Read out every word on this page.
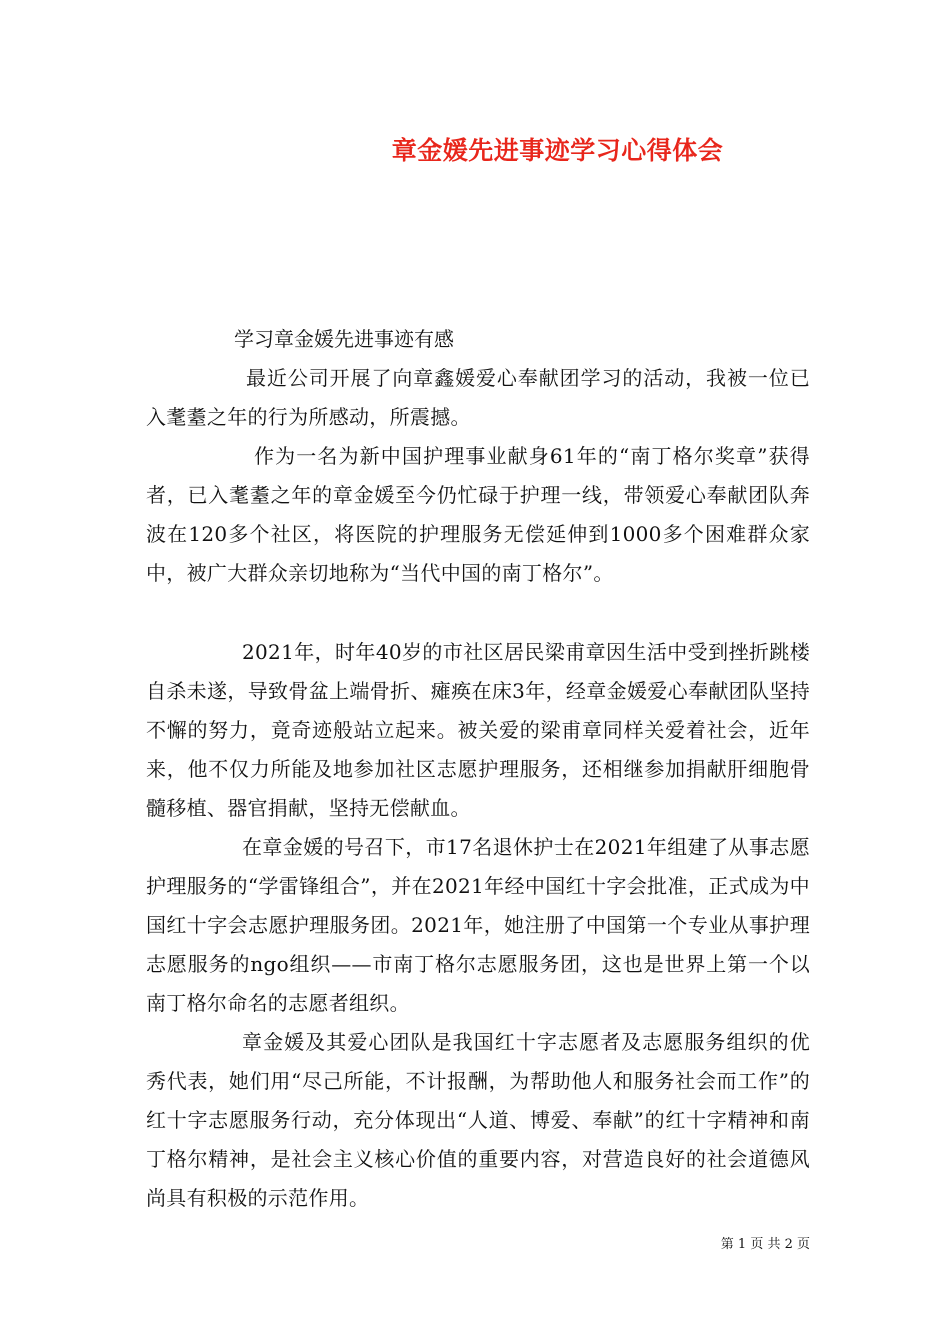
章金媛先进事迹学习心得体会
学习章金媛先进事迹有感

最近公司开展了向章鑫媛爱心奉献团学习的活动，我被一位已入耄耋之年的行为所感动，所震撼。

作为一名为新中国护理事业献身61年的“南丁格尔奖章”获得者，已入耄耋之年的章金媛至今仍忙碌于护理一线，带领爱心奉献团队奔波在120多个社区，将医院的护理服务无偿延伸到1000多个困难群众家中，被广大群众亲切地称为“当代中国的南丁格尔”。

2021年，时年40岁的市社区居民梁甫章因生活中受到挫折跳楼自杀未遂，导致骨盆上端骨折、瘫痪在床3年，经章金媛爱心奉献团队坚持不懈的努力，竟奇迹般站立起来。被关爱的梁甫章同样关爱着社会，近年来，他不仅力所能及地参加社区志愿护理服务，还相继参加捐献肝细胞骨髓移植、器官捐献，坚持无偿献血。

在章金媛的号召下，市17名退休护士在2021年组建了从事志愿护理服务的“学雷锋组合”，并在2021年经中国红十字会批准，正式成为中国红十字会志愿护理服务团。2021年，她注册了中国第一个专业从事护理志愿服务的ngo组织——市南丁格尔志愿服务团，这也是世界上第一个以南丁格尔命名的志愿者组织。

章金媛及其爱心团队是我国红十字志愿者及志愿服务组织的优秀代表，她们用“尽己所能，不计报酬，为帮助他人和服务社会而工作”的红十字志愿服务行动，充分体现出“人道、博爱、奉献”的红十字精神和南丁格尔精神，是社会主义核心价值的重要内容，对营造良好的社会道德风尚具有积极的示范作用。

第 1 页 共 2 页
